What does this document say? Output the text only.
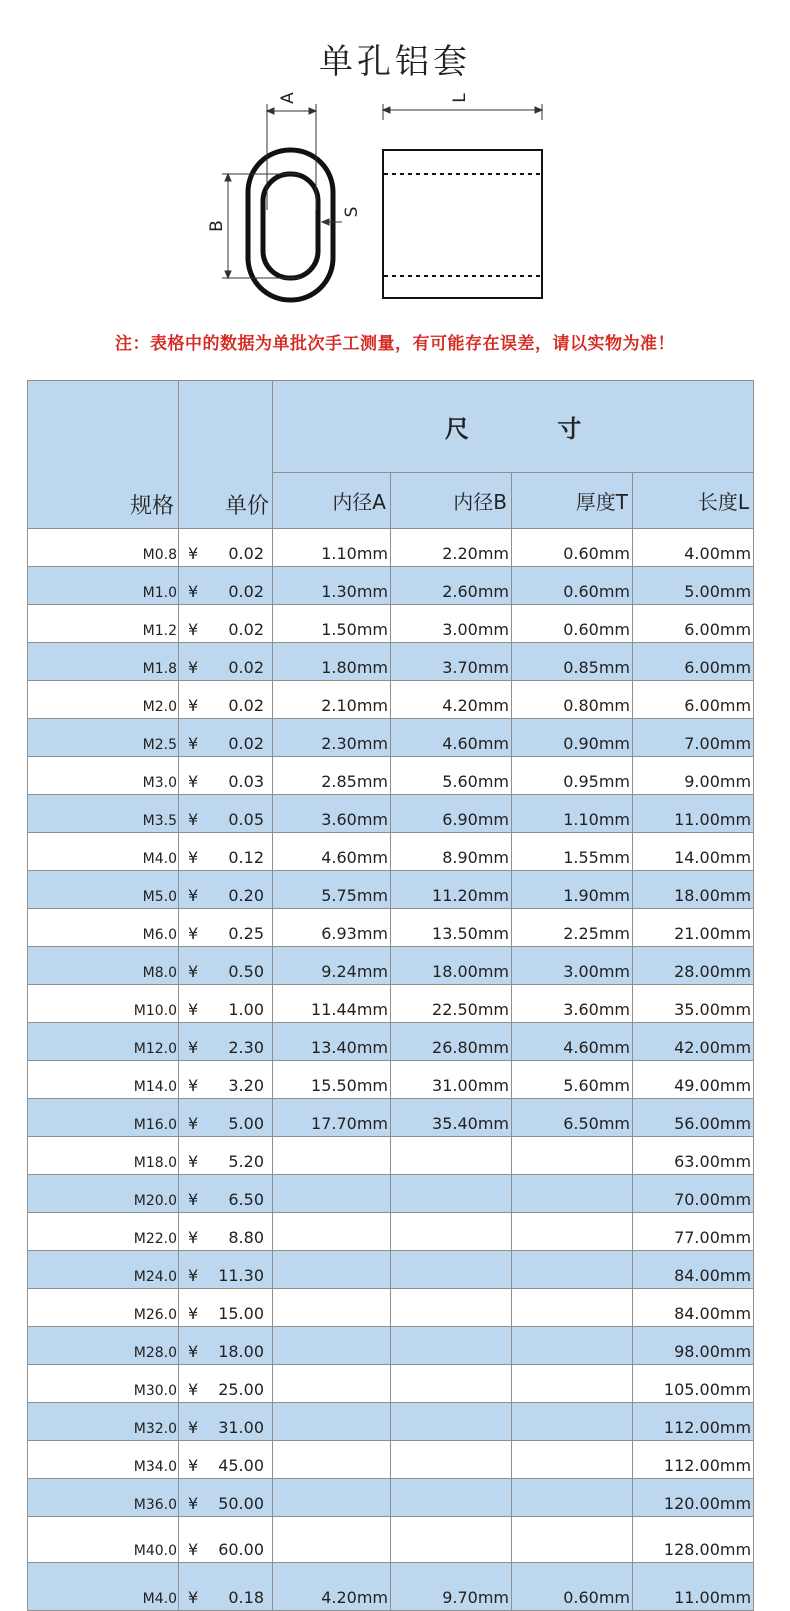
单孔铝套
A
B
S
L
注：表格中的数据为单批次手工测量，有可能存在误差，请以实物为准！
规格	单价	尺 寸			
		内径A	内径B	厚度T	长度L
M0.8	¥ 0.02	1.10mm	2.20mm	0.60mm	4.00mm
M1.0	¥ 0.02	1.30mm	2.60mm	0.60mm	5.00mm
M1.2	¥ 0.02	1.50mm	3.00mm	0.60mm	6.00mm
M1.8	¥ 0.02	1.80mm	3.70mm	0.85mm	6.00mm
M2.0	¥ 0.02	2.10mm	4.20mm	0.80mm	6.00mm
M2.5	¥ 0.02	2.30mm	4.60mm	0.90mm	7.00mm
M3.0	¥ 0.03	2.85mm	5.60mm	0.95mm	9.00mm
M3.5	¥ 0.05	3.60mm	6.90mm	1.10mm	11.00mm
M4.0	¥ 0.12	4.60mm	8.90mm	1.55mm	14.00mm
M5.0	¥ 0.20	5.75mm	11.20mm	1.90mm	18.00mm
M6.0	¥ 0.25	6.93mm	13.50mm	2.25mm	21.00mm
M8.0	¥ 0.50	9.24mm	18.00mm	3.00mm	28.00mm
M10.0	¥ 1.00	11.44mm	22.50mm	3.60mm	35.00mm
M12.0	¥ 2.30	13.40mm	26.80mm	4.60mm	42.00mm
M14.0	¥ 3.20	15.50mm	31.00mm	5.60mm	49.00mm
M16.0	¥ 5.00	17.70mm	35.40mm	6.50mm	56.00mm
M18.0	¥ 5.20				63.00mm
M20.0	¥ 6.50				70.00mm
M22.0	¥ 8.80				77.00mm
M24.0	¥ 11.30				84.00mm
M26.0	¥ 15.00				84.00mm
M28.0	¥ 18.00				98.00mm
M30.0	¥ 25.00				105.00mm
M32.0	¥ 31.00				112.00mm
M34.0	¥ 45.00				112.00mm
M36.0	¥ 50.00				120.00mm
M40.0	¥ 60.00				128.00mm
M4.0	¥ 0.18	4.20mm	9.70mm	0.60mm	11.00mm
